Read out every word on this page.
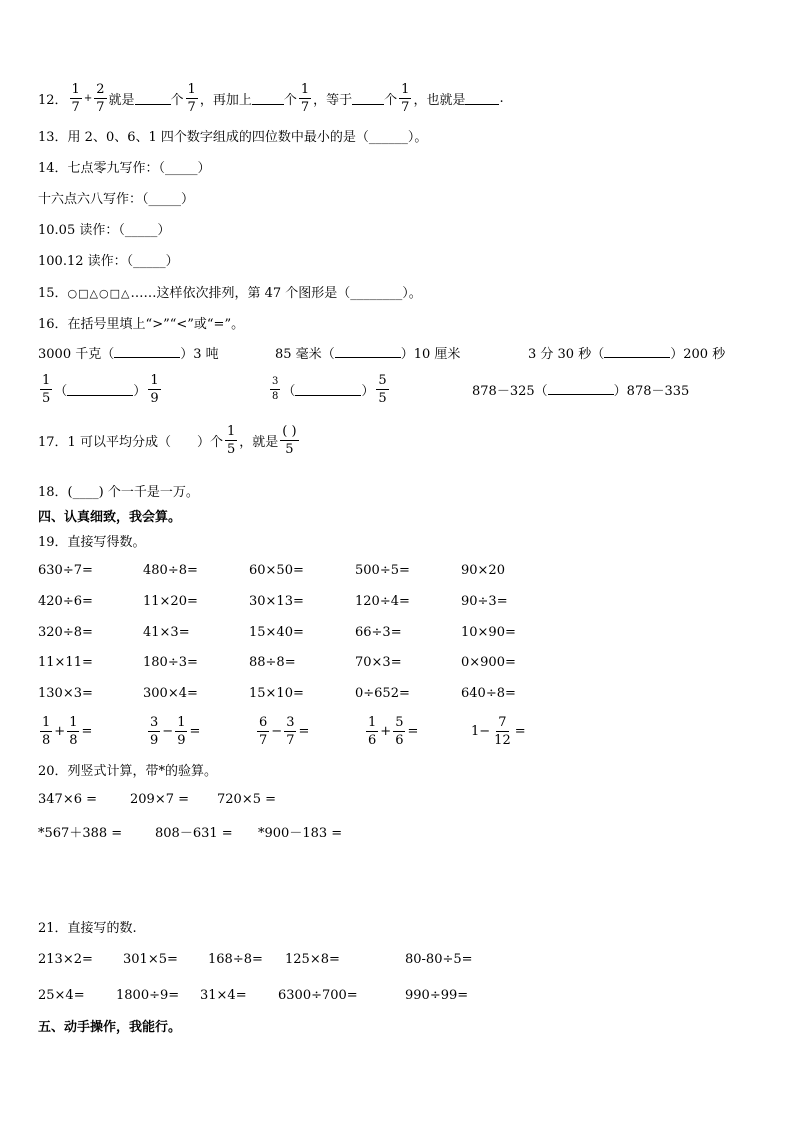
12． $\frac{1}{7} + \frac{2}{7}$ 就是	个 $\frac{1}{7}$ ，再加上 个 $\frac{1}{7}$ ，等于 个 $\frac{1}{7}$ ，也就是	.
13．用 2、0、6、1 四个数字组成的四位数中最小的是（______）。
14．七点零九写作：（_____）
十六点六八写作：（_____）
10.05 读作：（_____）
100.12 读作：（_____）
15．○□△○□△……这样依次排列，第 47 个图形是（________）。
16．在括号里填上“>”“<”或“=”。
3000 千克（	）3 吨	85 毫米（	）10 厘米	3 分 30 秒（	）200 秒
$\frac{1}{5}$ （	） $\frac{1}{9}$	$\frac{3}{8}$ （	） $\frac{5}{5}$	878－325（	）878－335
17．1 可以平均分成（　　）个 $\frac{1}{5}$ ，就是 $\frac{( )}{5}$
18．(____) 个一千是一万。
四、认真细致，我会算。
19．直接写得数。
630÷7=	480÷8=	60×50=	500÷5=	90×20
420÷6=	11×20=	30×13=	120÷4=	90÷3=
320÷8=	41×3=	15×40=	66÷3=	10×90=
11×11=	180÷3=	88÷8=	70×3=	0×900=
130×3=	300×4=	15×10=	0÷652=	640÷8=
$\frac{1}{8} + \frac{1}{8}$ =	$\frac{3}{9} - \frac{1}{9}$ =	$\frac{6}{7} - \frac{3}{7}$ =	$\frac{1}{6} + \frac{5}{6}$ =	$1- \frac{7}{12}$ =
20．列竖式计算，带*的验算。
347×6 =	209×7 = 720×5 =
*567＋388 =	808－631 = *900－183 =
21．直接写的数.
213×2= 301×5= 168÷8= 125×8=	80-80÷5=
25×4= 1800÷9= 31×4= 6300÷700=	990÷99=
五、动手操作，我能行。
